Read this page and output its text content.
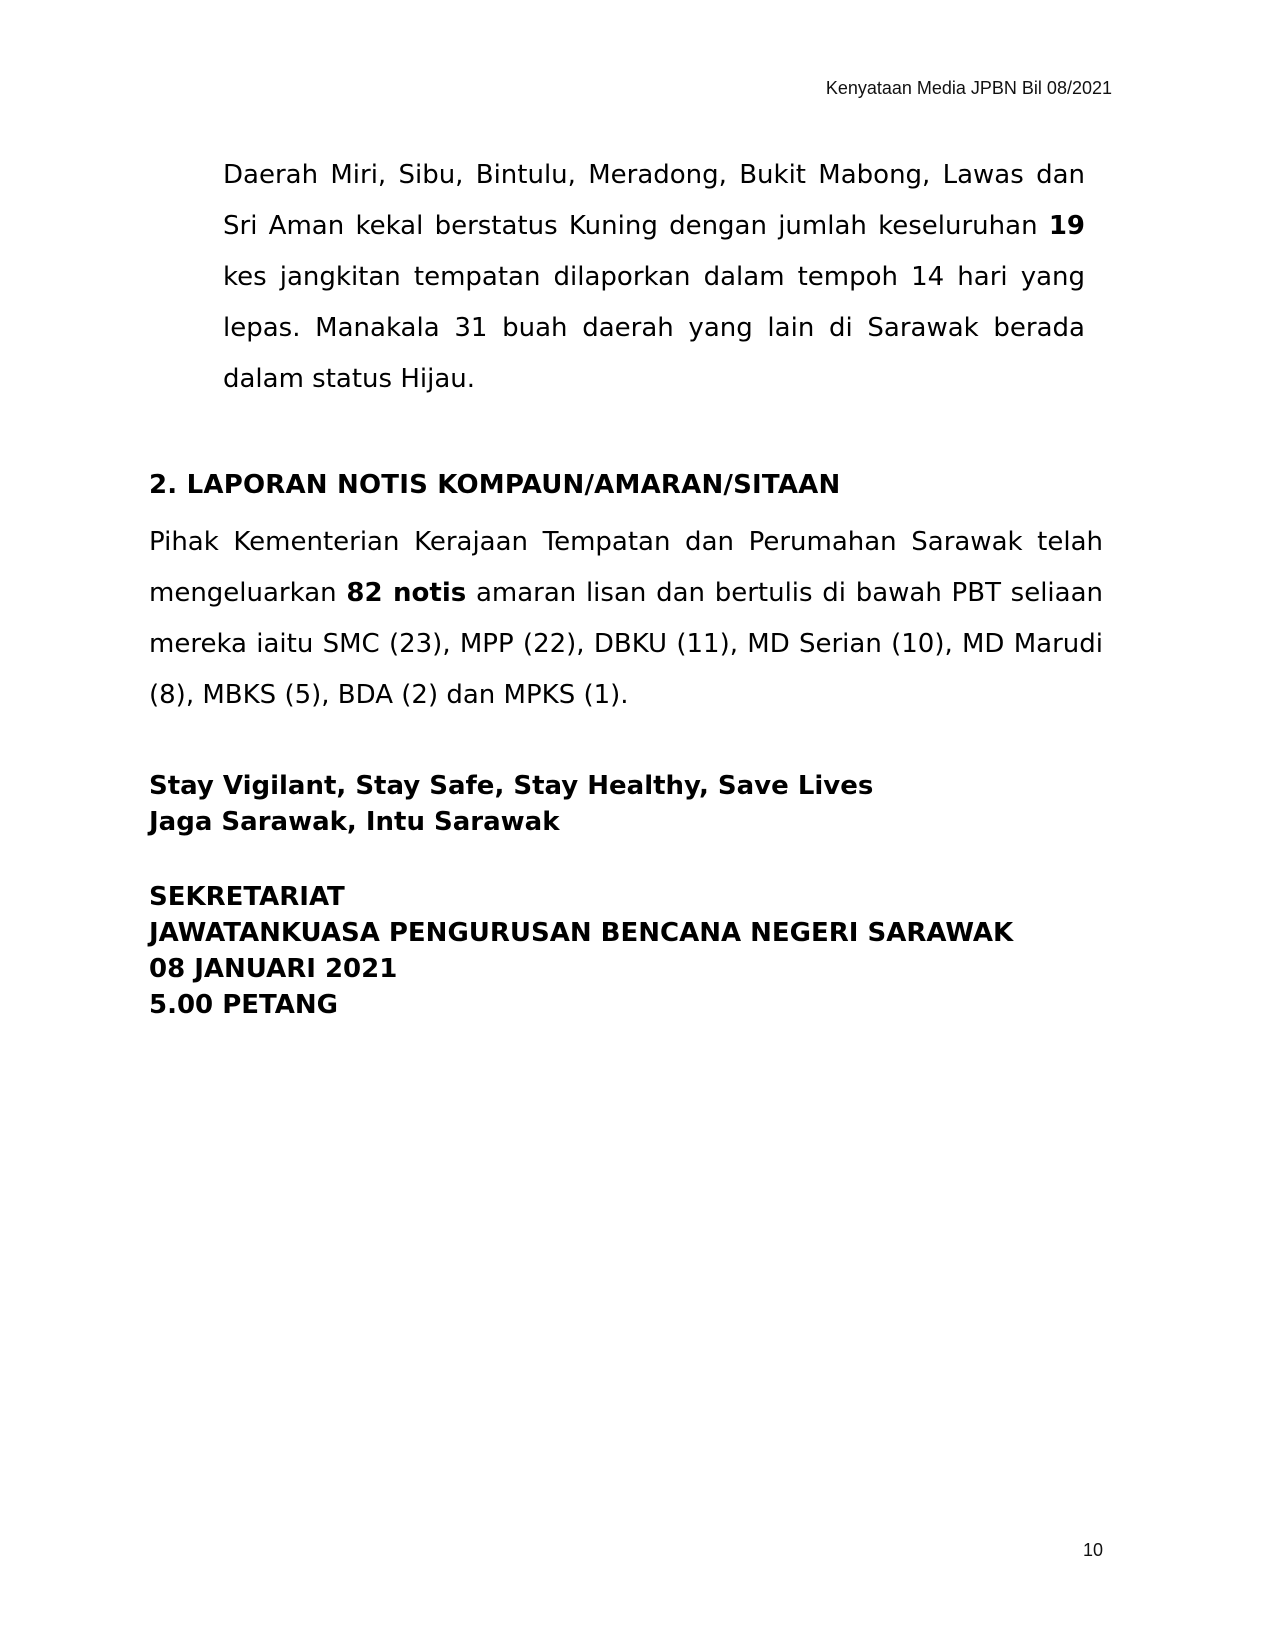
Kenyataan Media JPBN Bil 08/2021

Daerah Miri, Sibu, Bintulu, Meradong, Bukit Mabong, Lawas dan Sri Aman kekal berstatus Kuning dengan jumlah keseluruhan 19 kes jangkitan tempatan dilaporkan dalam tempoh 14 hari yang lepas. Manakala 31 buah daerah yang lain di Sarawak berada dalam status Hijau.

2. LAPORAN NOTIS KOMPAUN/AMARAN/SITAAN

Pihak Kementerian Kerajaan Tempatan dan Perumahan Sarawak telah mengeluarkan 82 notis amaran lisan dan bertulis di bawah PBT seliaan mereka iaitu SMC (23), MPP (22), DBKU (11), MD Serian (10), MD Marudi (8), MBKS (5), BDA (2) dan MPKS (1).

Stay Vigilant, Stay Safe, Stay Healthy, Save Lives
Jaga Sarawak, Intu Sarawak
SEKRETARIAT
JAWATANKUASA PENGURUSAN BENCANA NEGERI SARAWAK
08 JANUARI 2021
5.00 PETANG
10
